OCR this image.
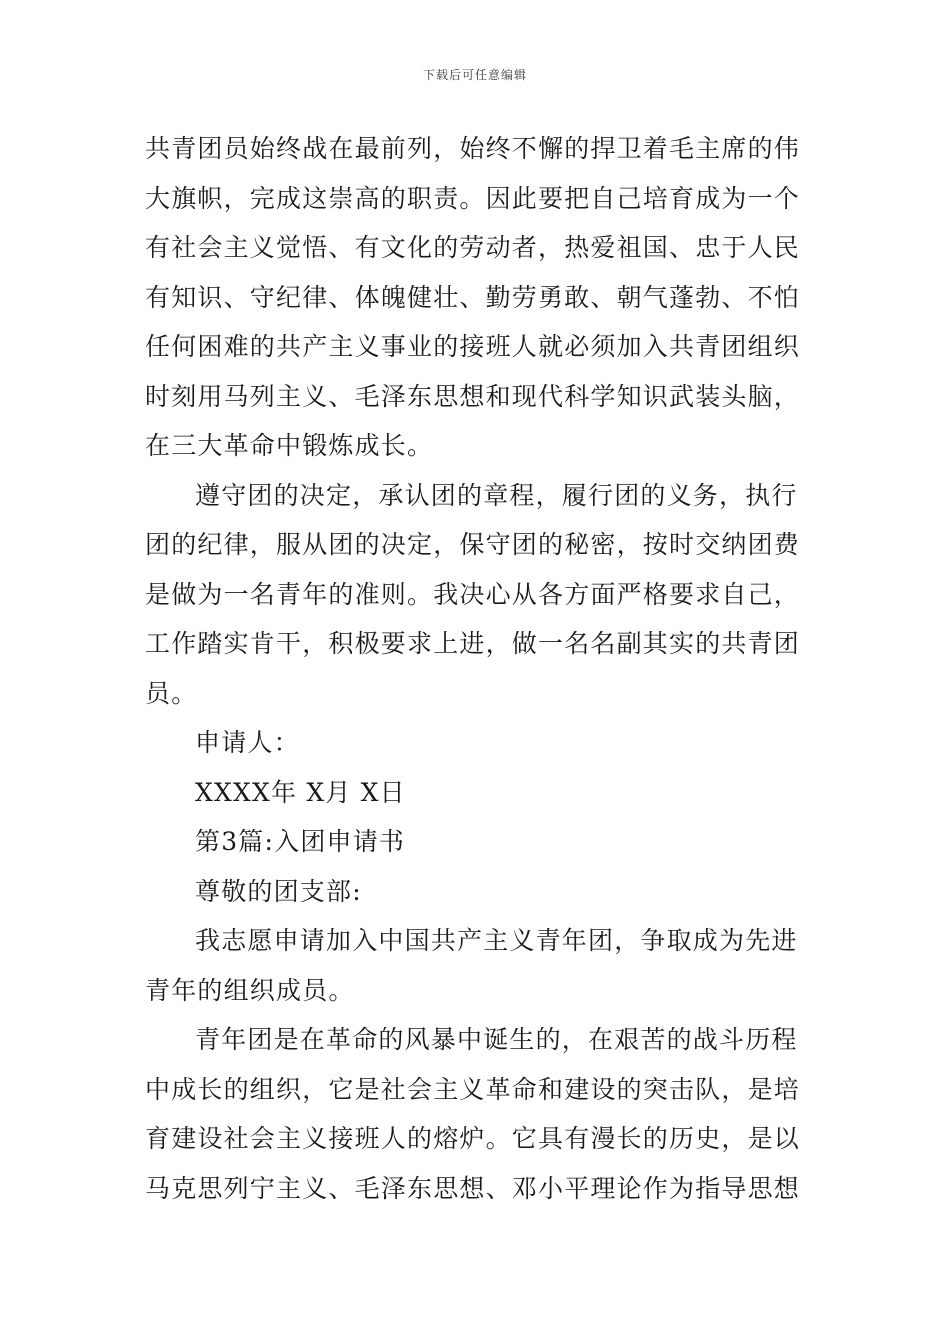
下载后可任意编辑
共青团员始终战在最前列，始终不懈的捍卫着毛主席的伟
大旗帜，完成这崇高的职责。因此要把自己培育成为一个
有社会主义觉悟、有文化的劳动者，热爱祖国、忠于人民
有知识、守纪律、体魄健壮、勤劳勇敢、朝气蓬勃、不怕
任何困难的共产主义事业的接班人就必须加入共青团组织
时刻用马列主义、毛泽东思想和现代科学知识武装头脑，
在三大革命中锻炼成长。
遵守团的决定，承认团的章程，履行团的义务，执行
团的纪律，服从团的决定，保守团的秘密，按时交纳团费
是做为一名青年的准则。我决心从各方面严格要求自己，
工作踏实肯干，积极要求上进，做一名名副其实的共青团
员。
申请人：
XXXX年 X月 X日
第3篇:入团申请书
尊敬的团支部:
我志愿申请加入中国共产主义青年团，争取成为先进
青年的组织成员。
青年团是在革命的风暴中诞生的，在艰苦的战斗历程
中成长的组织，它是社会主义革命和建设的突击队，是培
育建设社会主义接班人的熔炉。它具有漫长的历史，是以
马克思列宁主义、毛泽东思想、邓小平理论作为指导思想
